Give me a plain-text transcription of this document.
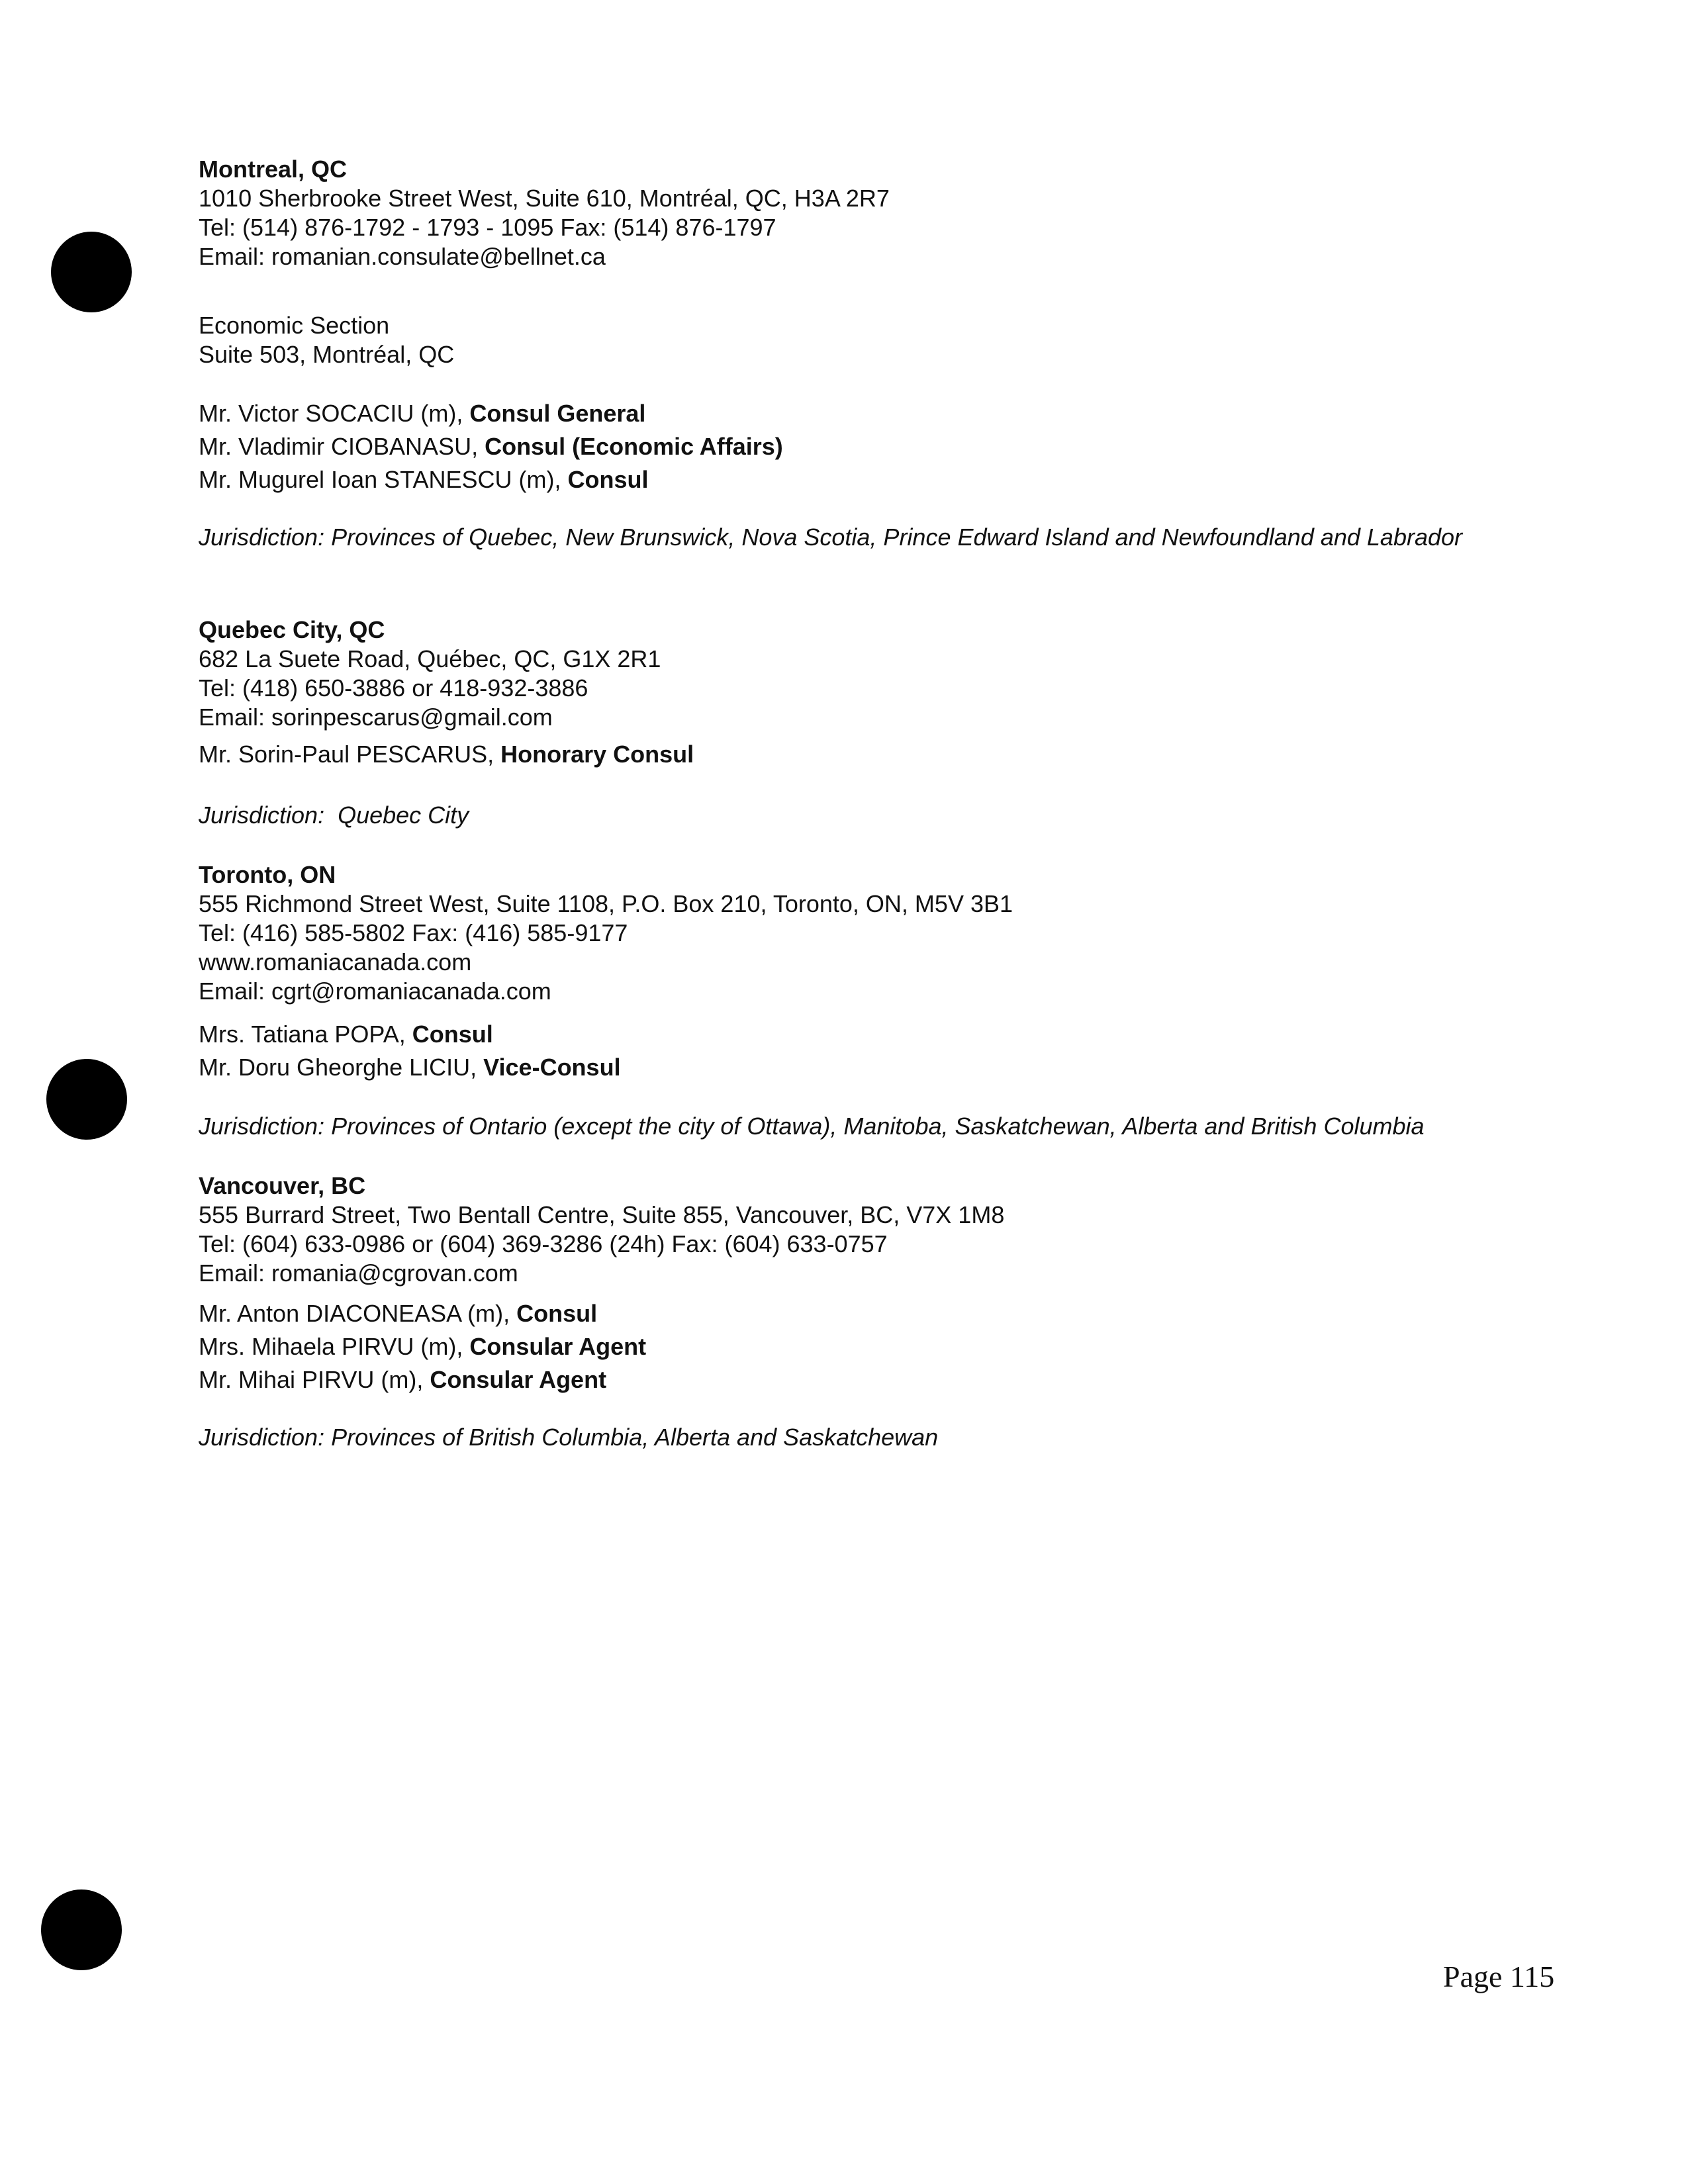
Montreal, QC
1010 Sherbrooke Street West, Suite 610, Montréal, QC, H3A 2R7
Tel: (514) 876-1792 - 1793 - 1095 Fax: (514) 876-1797
Email: romanian.consulate@bellnet.ca
Economic Section
Suite 503, Montréal, QC
Mr. Victor SOCACIU (m), Consul General
Mr. Vladimir CIOBANASU, Consul (Economic Affairs)
Mr. Mugurel Ioan STANESCU (m), Consul
Jurisdiction: Provinces of Quebec, New Brunswick, Nova Scotia, Prince Edward Island and Newfoundland and Labrador
Quebec City, QC
682 La Suete Road, Québec, QC, G1X 2R1
Tel: (418) 650-3886 or 418-932-3886
Email: sorinpescarus@gmail.com
Mr. Sorin-Paul PESCARUS, Honorary Consul
Jurisdiction:  Quebec City
Toronto, ON
555 Richmond Street West, Suite 1108, P.O. Box 210, Toronto, ON, M5V 3B1
Tel: (416) 585-5802 Fax: (416) 585-9177
www.romaniacanada.com
Email: cgrt@romaniacanada.com
Mrs. Tatiana POPA, Consul
Mr. Doru Gheorghe LICIU, Vice-Consul
Jurisdiction: Provinces of Ontario (except the city of Ottawa), Manitoba, Saskatchewan, Alberta and British Columbia
Vancouver, BC
555 Burrard Street, Two Bentall Centre, Suite 855, Vancouver, BC, V7X 1M8
Tel: (604) 633-0986 or (604) 369-3286 (24h) Fax: (604) 633-0757
Email: romania@cgrovan.com
Mr. Anton DIACONEASA (m), Consul
Mrs. Mihaela PIRVU (m), Consular Agent
Mr. Mihai PIRVU (m), Consular Agent
Jurisdiction: Provinces of British Columbia, Alberta and Saskatchewan
Page 115
